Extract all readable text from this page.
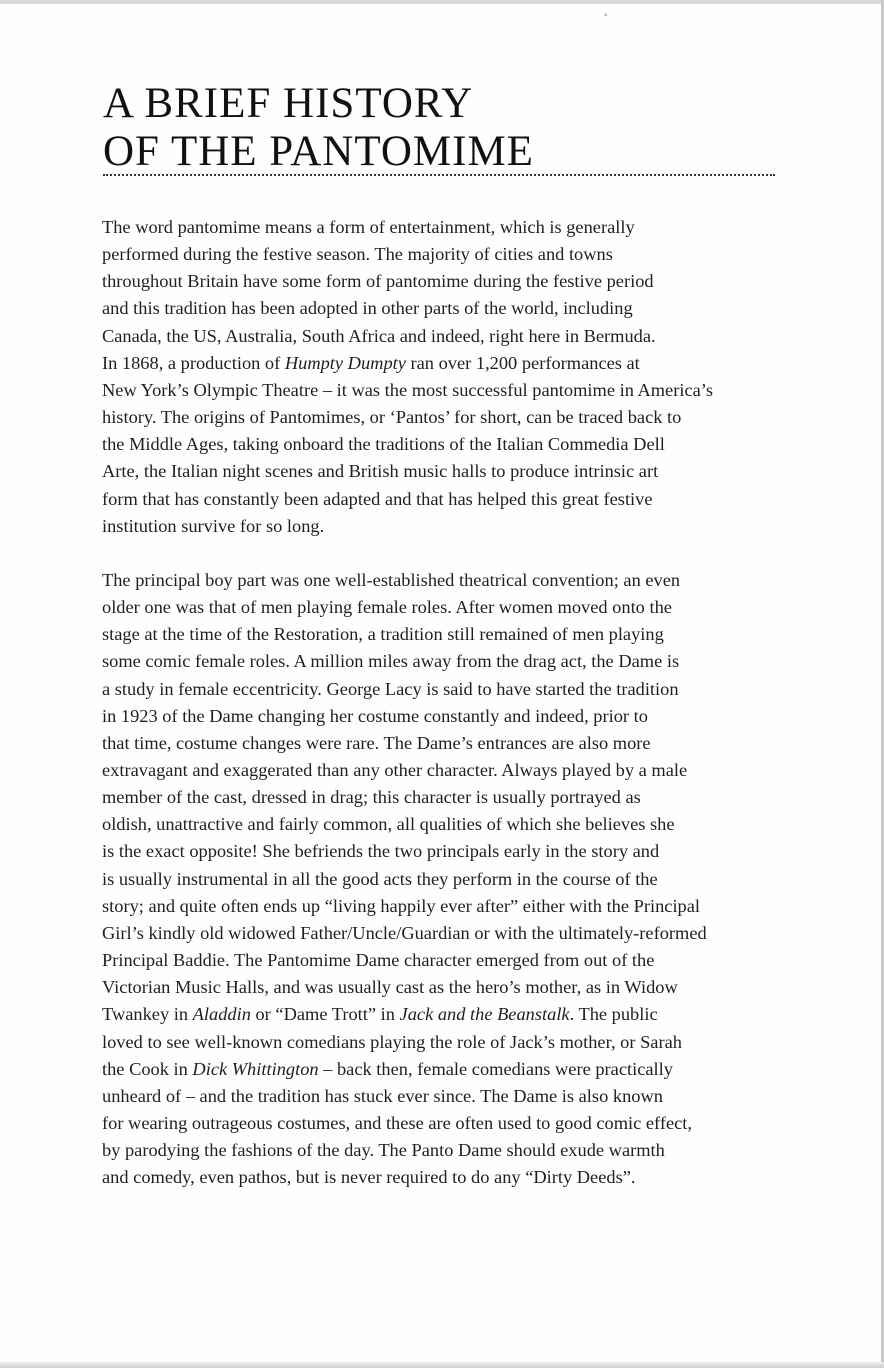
°
A BRIEF HISTORY
OF THE PANTOMIME

The word pantomime means a form of entertainment, which is generally
performed during the festive season. The majority of cities and towns
throughout Britain have some form of pantomime during the festive period
and this tradition has been adopted in other parts of the world, including
Canada, the US, Australia, South Africa and indeed, right here in Bermuda.
In 1868, a production of Humpty Dumpty ran over 1,200 performances at
New York’s Olympic Theatre – it was the most successful pantomime in America’s
history. The origins of Pantomimes, or ‘Pantos’ for short, can be traced back to
the Middle Ages, taking onboard the traditions of the Italian Commedia Dell
Arte, the Italian night scenes and British music halls to produce intrinsic art
form that has constantly been adapted and that has helped this great festive
institution survive for so long.

The principal boy part was one well-established theatrical convention; an even
older one was that of men playing female roles. After women moved onto the
stage at the time of the Restoration, a tradition still remained of men playing
some comic female roles. A million miles away from the drag act, the Dame is
a study in female eccentricity. George Lacy is said to have started the tradition
in 1923 of the Dame changing her costume constantly and indeed, prior to
that time, costume changes were rare. The Dame’s entrances are also more
extravagant and exaggerated than any other character. Always played by a male
member of the cast, dressed in drag; this character is usually portrayed as
oldish, unattractive and fairly common, all qualities of which she believes she
is the exact opposite! She befriends the two principals early in the story and
is usually instrumental in all the good acts they perform in the course of the
story; and quite often ends up “living happily ever after” either with the Principal
Girl’s kindly old widowed Father/Uncle/Guardian or with the ultimately-reformed
Principal Baddie. The Pantomime Dame character emerged from out of the
Victorian Music Halls, and was usually cast as the hero’s mother, as in Widow
Twankey in Aladdin or “Dame Trott” in Jack and the Beanstalk. The public
loved to see well-known comedians playing the role of Jack’s mother, or Sarah
the Cook in Dick Whittington – back then, female comedians were practically
unheard of – and the tradition has stuck ever since. The Dame is also known
for wearing outrageous costumes, and these are often used to good comic effect,
by parodying the fashions of the day. The Panto Dame should exude warmth
and comedy, even pathos, but is never required to do any “Dirty Deeds”.
